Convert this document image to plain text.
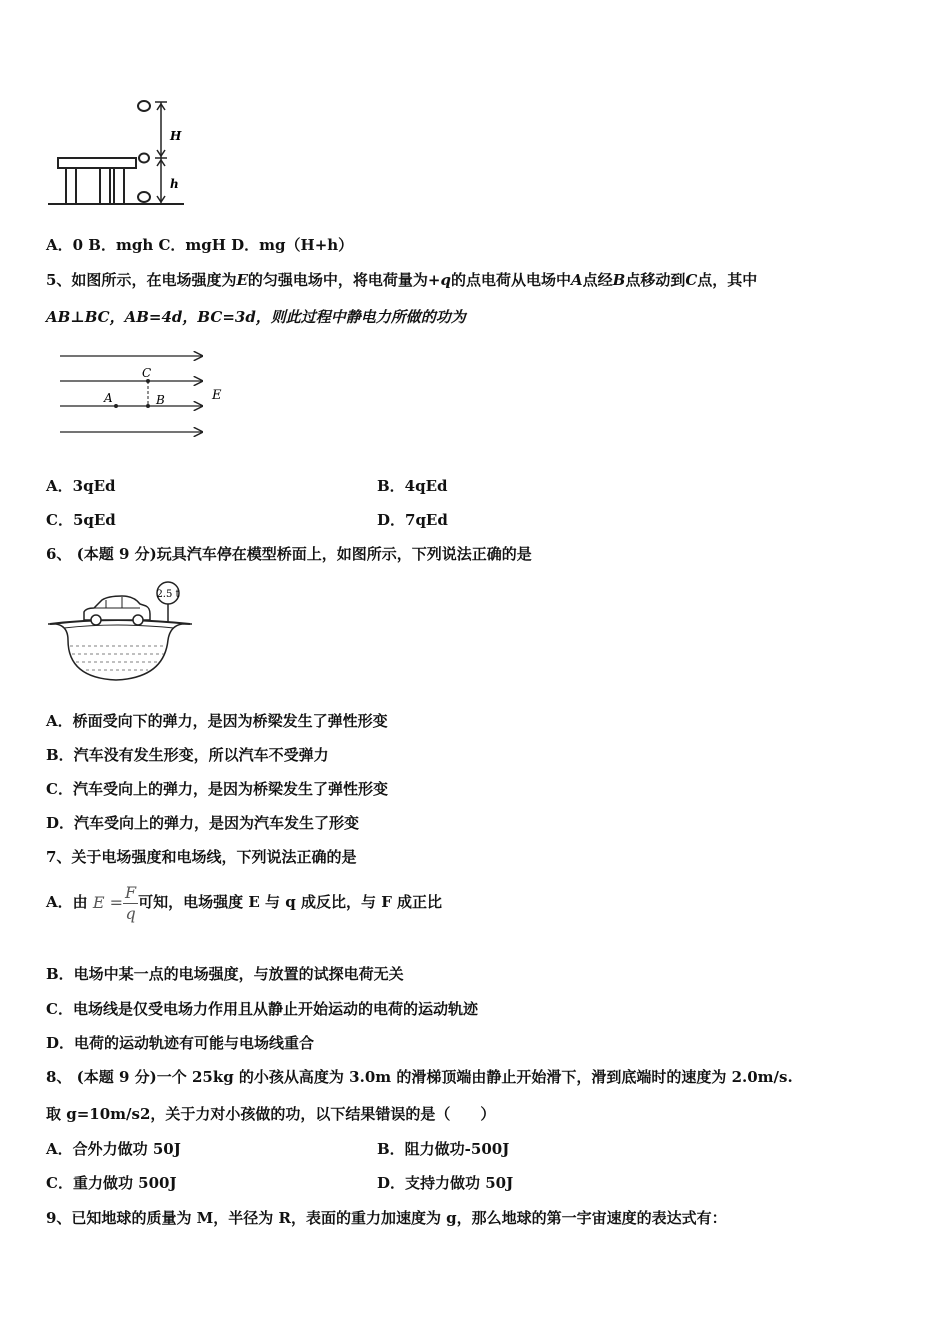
H
h
A．0 B．mgh C．mgH D．mg（H+h）
5、如图所示，在电场强度为E的匀强电场中，将电荷量为+q的点电荷从电场中A点经B点移动到C点，其中
AB⊥BC，AB=4d，BC=3d，则此过程中静电力所做的功为
A	B
C
E
A．3qEd	B．4qEd
C．5qEd	D．7qEd
6、 (本题 9 分)玩具汽车停在模型桥面上，如图所示，下列说法正确的是
2.5 t
A．桥面受向下的弹力，是因为桥梁发生了弹性形变
B．汽车没有发生形变，所以汽车不受弹力
C．汽车受向上的弹力，是因为桥梁发生了弹性形变
D．汽车受向上的弹力，是因为汽车发生了形变
7、关于电场强度和电场线，下列说法正确的是
A．由 $E = \frac{F}{q}$ 可知，电场强度 E 与 q 成反比，与 F 成正比
B．电场中某一点的电场强度，与放置的试探电荷无关
C．电场线是仅受电场力作用且从静止开始运动的电荷的运动轨迹
D．电荷的运动轨迹有可能与电场线重合
8、 (本题 9 分)一个 25kg 的小孩从高度为 3.0m 的滑梯顶端由静止开始滑下，滑到底端时的速度为 2.0m/s.
取 g=10m/s2，关于力对小孩做的功，以下结果错误的是（　　）
A．合外力做功 50J	B．阻力做功-500J
C．重力做功 500J	D．支持力做功 50J
9、已知地球的质量为 M，半径为 R，表面的重力加速度为 g，那么地球的第一宇宙速度的表达式有：
